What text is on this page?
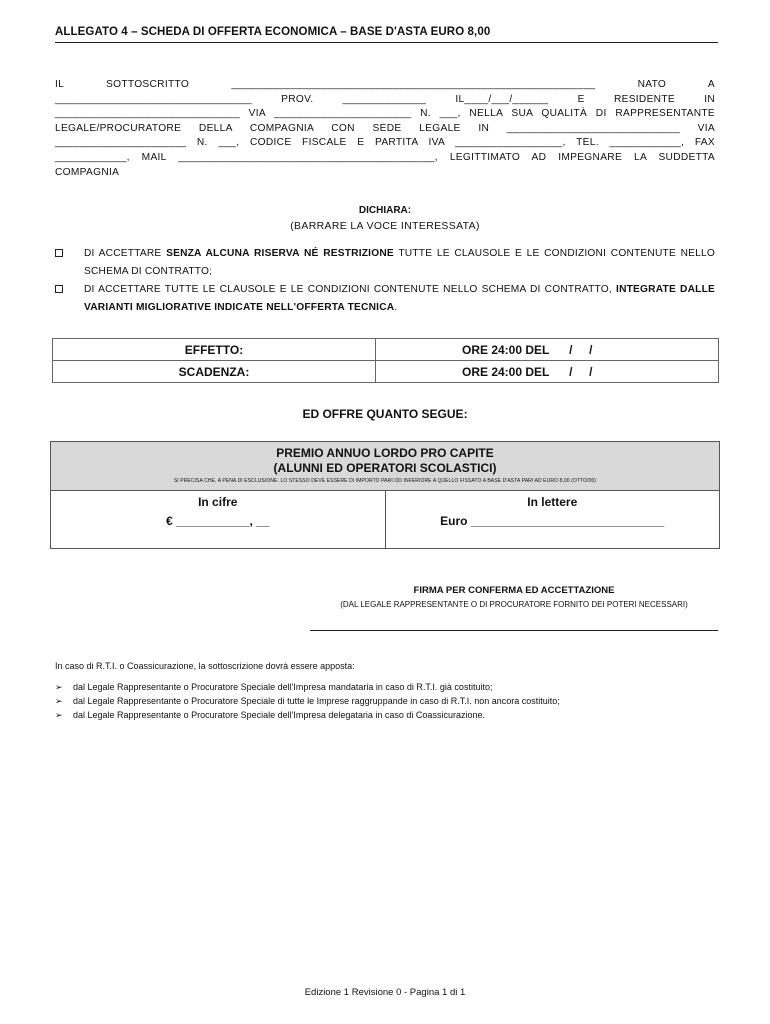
ALLEGATO 4 – SCHEDA DI OFFERTA ECONOMICA – BASE D'ASTA EURO 8,00
IL SOTTOSCRITTO _____________________________________________________________ NATO A
_________________________________ PROV. ______________ IL____/___/______ E RESIDENTE IN
_______________________________ VIA _______________________ N. ___, NELLA SUA QUALITÀ DI RAPPRESENTANTE
LEGALE/PROCURATORE DELLA COMPAGNIA CON SEDE LEGALE IN _____________________________ VIA
______________________ N. ___, CODICE FISCALE E PARTITA IVA __________________, TEL. ____________, FAX
____________, MAIL ___________________________________________, LEGITTIMATO AD IMPEGNARE LA SUDDETTA
COMPAGNIA
DICHIARA:
(BARRARE LA VOCE INTERESSATA)
DI ACCETTARE SENZA ALCUNA RISERVA NÉ RESTRIZIONE TUTTE LE CLAUSOLE E LE CONDIZIONI CONTENUTE NELLO SCHEMA DI CONTRATTO;
DI ACCETTARE TUTTE LE CLAUSOLE E LE CONDIZIONI CONTENUTE NELLO SCHEMA DI CONTRATTO, INTEGRATE DALLE VARIANTI MIGLIORATIVE INDICATE NELL'OFFERTA TECNICA.
EFFETTO:	ORE 24:00 DEL      /     /
SCADENZA:	ORE 24:00 DEL      /     /
ED OFFRE QUANTO SEGUE:
PREMIO ANNUO LORDO PRO CAPITE
(ALUNNI ED OPERATORI SCOLASTICI)
SI PRECISA CHE, A PENA DI ESCLUSIONE, LO STESSO DEVE ESSERE DI IMPORTO PARI OD INFERIORE A QUELLO FISSATO A BASE D'ASTA PARI AD EURO 8,00 (OTTO/00)
In cifre
€ ___________, __
In lettere
Euro _____________________________
FIRMA PER CONFERMA ED ACCETTAZIONE
(DAL LEGALE RAPPRESENTANTE O DI PROCURATORE FORNITO DEI POTERI NECESSARI)
In caso di R.T.I. o Coassicurazione, la sottoscrizione dovrà essere apposta:
➢ dal Legale Rappresentante o Procuratore Speciale dell'Impresa mandataria in caso di R.T.I. già costituito;
➢ dal Legale Rappresentante o Procuratore Speciale di tutte le Imprese raggruppande in caso di R.T.I. non ancora costituito;
➢ dal Legale Rappresentante o Procuratore Speciale dell'Impresa delegataria in caso di Coassicurazione.
Edizione 1 Revisione 0 - Pagina 1 di 1
